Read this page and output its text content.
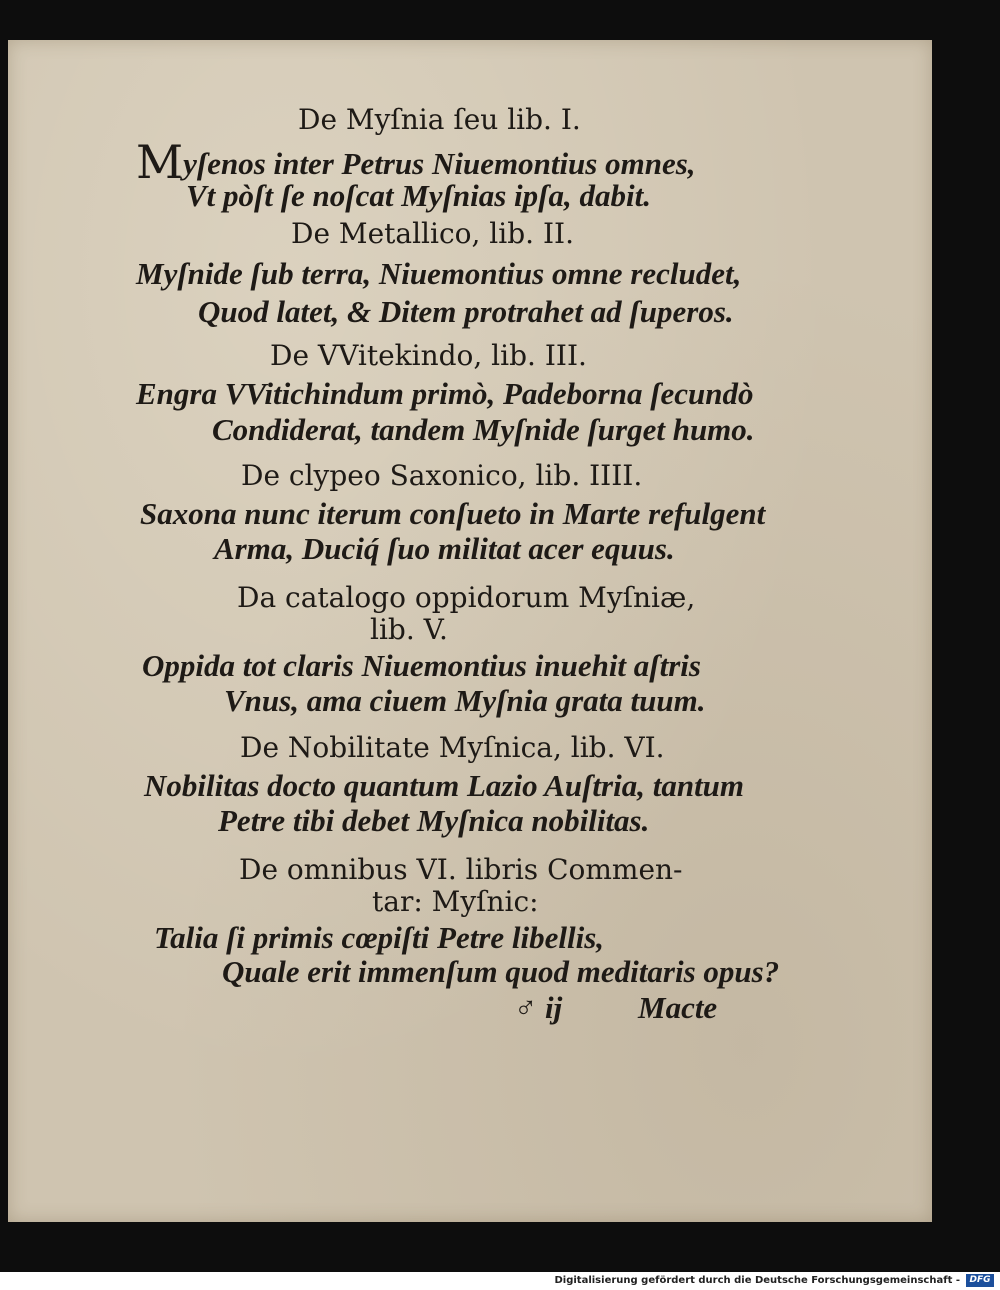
De Myſnia ſeu lib. I.
Myſenos inter Petrus Niuemontius omnes,
Vt pòſt ſe noſcat Myſnias ipſa, dabit.
De Metallico, lib. II.
Myſnide ſub terra, Niuemontius omne recludet,
Quod latet, & Ditem protrahet ad ſuperos.
De VVitekindo, lib. III.
Engra VVitichindum primò, Padeborna ſecundò
Condiderat, tandem Myſnide ſurget humo.
De clypeo Saxonico, lib. IIII.
Saxona nunc iterum conſueto in Marte refulgent
Arma, Duciq́ ſuo militat acer equus.
Da catalogo oppidorum Myſniæ,
lib. V.
Oppida tot claris Niuemontius inuehit aſtris
Vnus, ama ciuem Myſnia grata tuum.
De Nobilitate Myſnica, lib. VI.
Nobilitas docto quantum Lazio Auſtria, tantum
Petre tibi debet Myſnica nobilitas.
De omnibus VI. libris Commen-
tar: Myſnic:
Talia ſi primis cœpiſti Petre libellis,
Quale erit immenſum quod meditaris opus?
♂ ij Macte
Digitalisierung gefördert durch die Deutsche Forschungsgemeinschaft -	DFG
